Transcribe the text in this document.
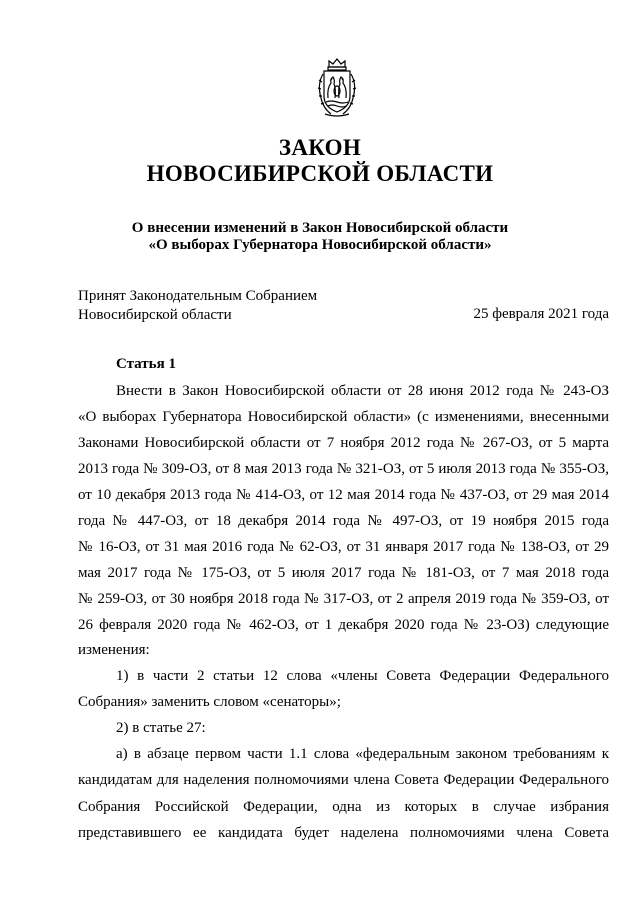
ЗАКОН
НОВОСИБИРСКОЙ ОБЛАСТИ
О внесении изменений в Закон Новосибирской области
«О выборах Губернатора Новосибирской области»
Принят Законодательным Собранием
Новосибирской области	25 февраля 2021 года
Статья 1
Внести в Закон Новосибирской области от 28 июня 2012 года № 243-ОЗ
«О выборах Губернатора Новосибирской области» (с изменениями, внесенными
Законами Новосибирской области от 7 ноября 2012 года № 267-ОЗ, от 5 марта
2013 года № 309-ОЗ, от 8 мая 2013 года № 321-ОЗ, от 5 июля 2013 года № 355-ОЗ,
от 10 декабря 2013 года № 414-ОЗ, от 12 мая 2014 года № 437-ОЗ, от 29 мая 2014
года № 447-ОЗ, от 18 декабря 2014 года № 497-ОЗ, от 19 ноября 2015 года
№ 16-ОЗ, от 31 мая 2016 года № 62-ОЗ, от 31 января 2017 года № 138-ОЗ, от 29
мая 2017 года № 175-ОЗ, от 5 июля 2017 года № 181-ОЗ, от 7 мая 2018 года
№ 259-ОЗ, от 30 ноября 2018 года № 317-ОЗ, от 2 апреля 2019 года № 359-ОЗ, от
26 февраля 2020 года № 462-ОЗ, от 1 декабря 2020 года № 23-ОЗ) следующие
изменения:
1) в части 2 статьи 12 слова «члены Совета Федерации Федерального
Собрания» заменить словом «сенаторы»;
2) в статье 27:
а) в абзаце первом части 1.1 слова «федеральным законом требованиям к
кандидатам для наделения полномочиями члена Совета Федерации Федерального
Собрания Российской Федерации, одна из которых в случае избрания
представившего ее кандидата будет наделена полномочиями члена Совета
